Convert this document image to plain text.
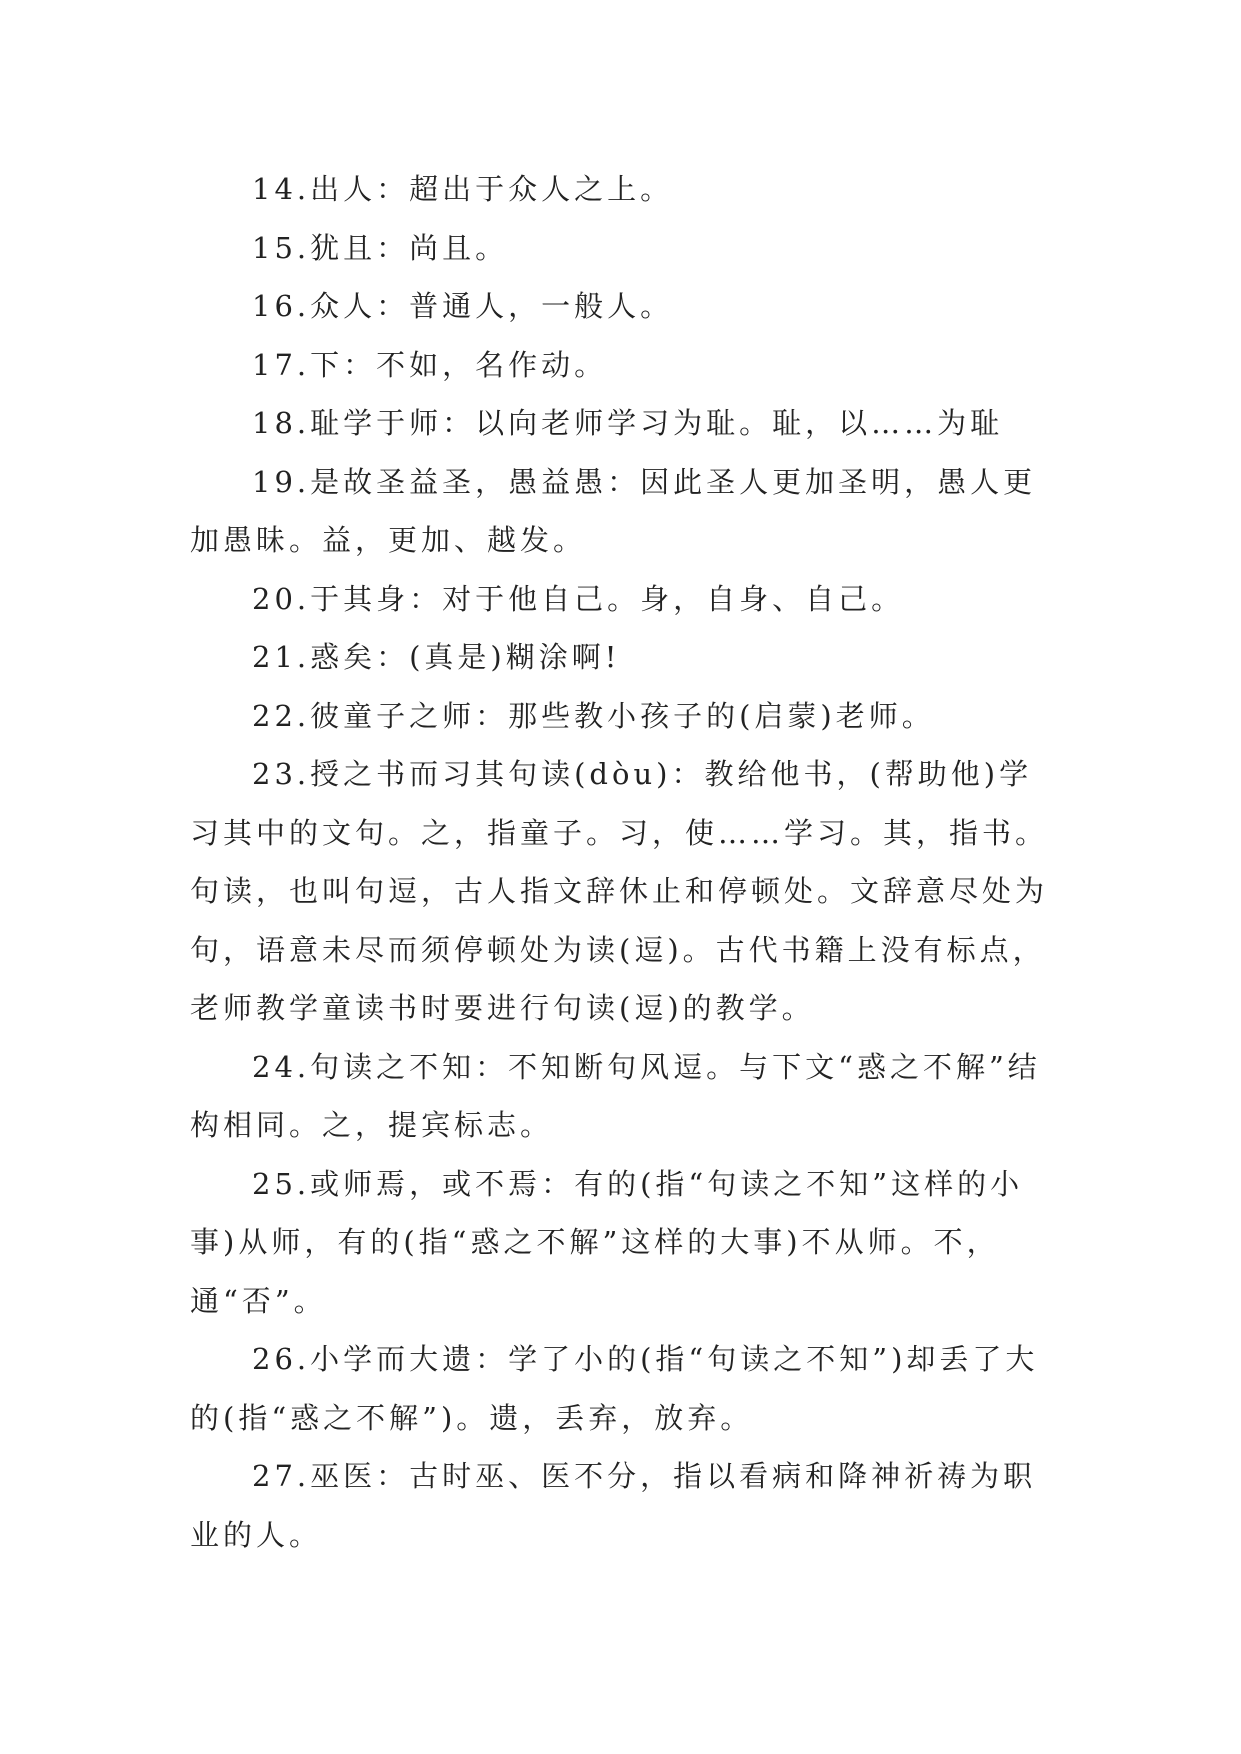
14.出人：超出于众人之上。

15.犹且：尚且。

16.众人：普通人，一般人。

17.下：不如，名作动。

18.耻学于师：以向老师学习为耻。耻，以……为耻

19.是故圣益圣，愚益愚：因此圣人更加圣明，愚人更加愚昧。益，更加、越发。

20.于其身：对于他自己。身，自身、自己。

21.惑矣：(真是)糊涂啊!

22.彼童子之师：那些教小孩子的(启蒙)老师。

23.授之书而习其句读(dòu)：教给他书，(帮助他)学习其中的文句。之，指童子。习，使……学习。其，指书。句读，也叫句逗，古人指文辞休止和停顿处。文辞意尽处为句，语意未尽而须停顿处为读(逗)。古代书籍上没有标点，老师教学童读书时要进行句读(逗)的教学。

24.句读之不知：不知断句风逗。与下文“惑之不解”结构相同。之，提宾标志。

25.或师焉，或不焉：有的(指“句读之不知”这样的小事)从师，有的(指“惑之不解”这样的大事)不从师。不，通“否”。

26.小学而大遗：学了小的(指“句读之不知”)却丢了大的(指“惑之不解”)。遗，丢弃，放弃。

27.巫医：古时巫、医不分，指以看病和降神祈祷为职业的人。
